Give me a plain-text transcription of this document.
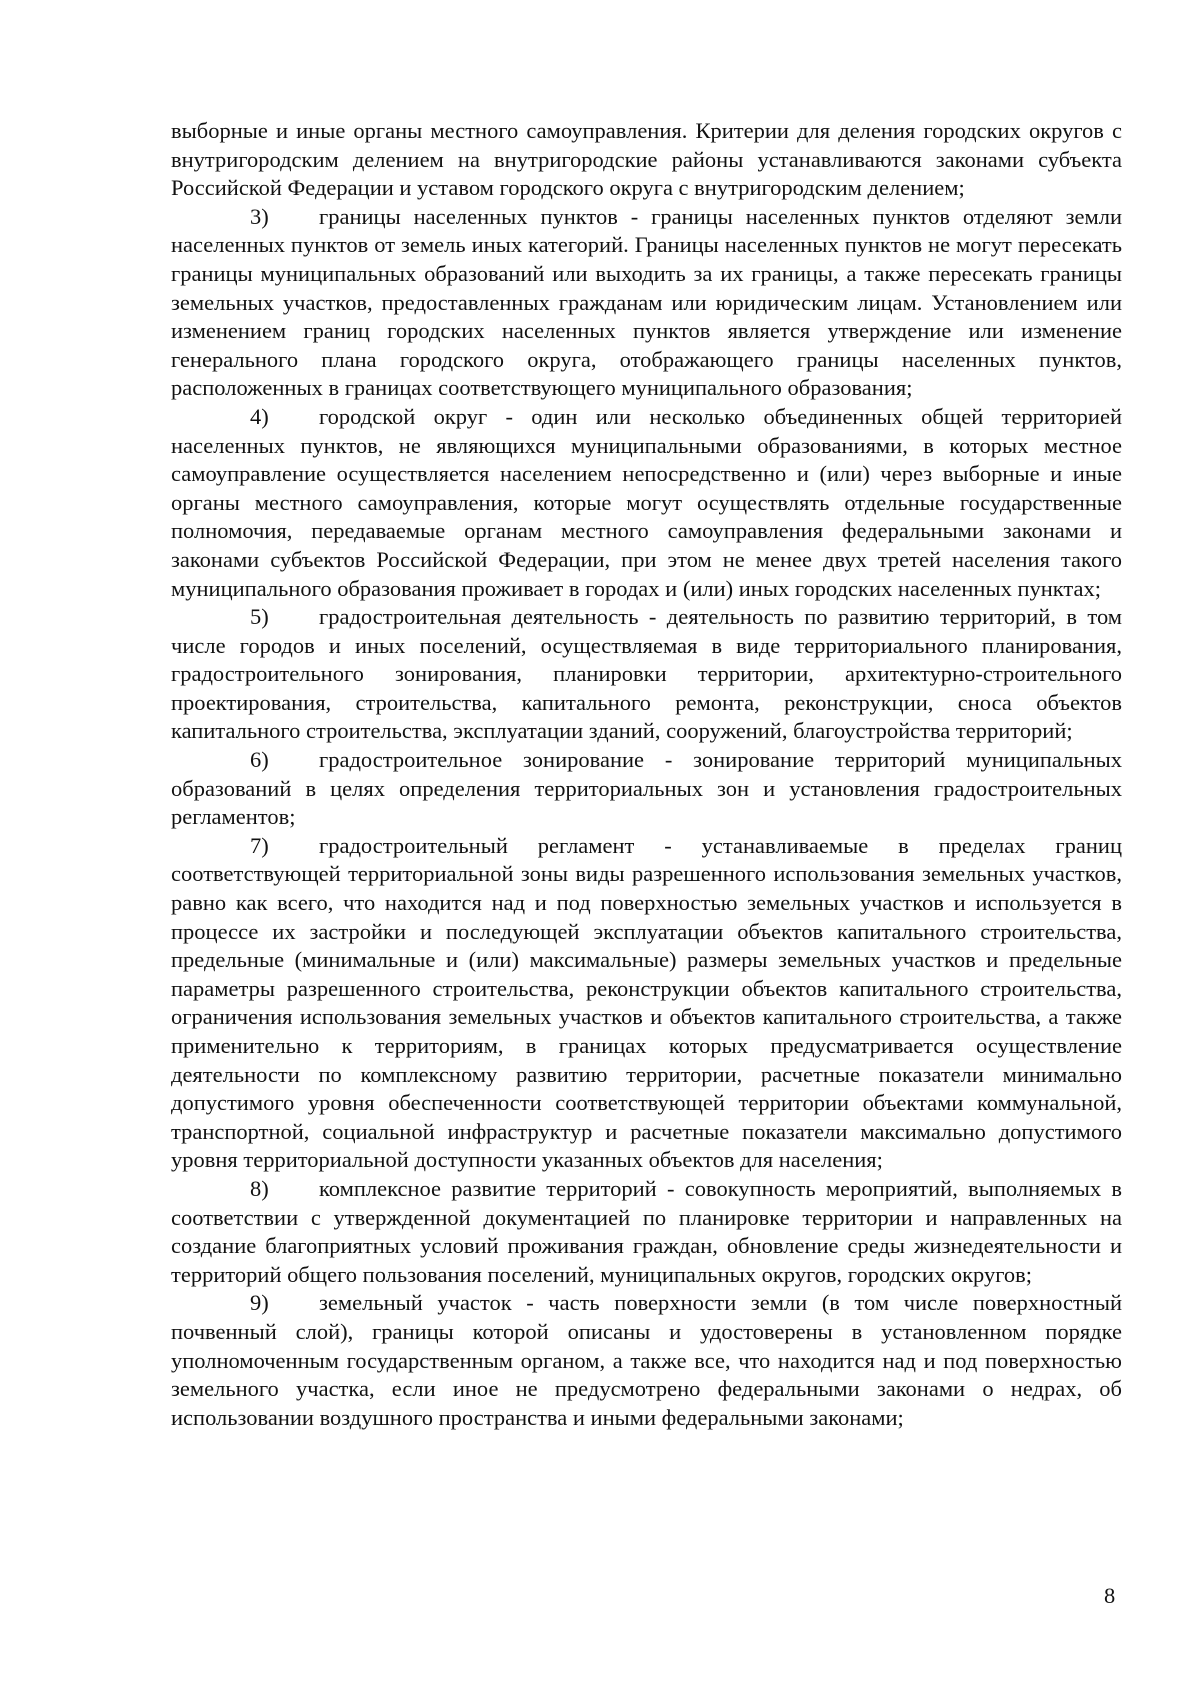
выборные и иные органы местного самоуправления. Критерии для деления городских округов с внутригородским делением на внутригородские районы устанавливаются законами субъекта Российской Федерации и уставом городского округа с внутригородским делением;

3) границы населенных пунктов - границы населенных пунктов отделяют земли населенных пунктов от земель иных категорий. Границы населенных пунктов не могут пересекать границы муниципальных образований или выходить за их границы, а также пересекать границы земельных участков, предоставленных гражданам или юридическим лицам. Установлением или изменением границ городских населенных пунктов является утверждение или изменение генерального плана городского округа, отображающего границы населенных пунктов, расположенных в границах соответствующего муниципального образования;

4) городской округ - один или несколько объединенных общей территорией населенных пунктов, не являющихся муниципальными образованиями, в которых местное самоуправление осуществляется населением непосредственно и (или) через выборные и иные органы местного самоуправления, которые могут осуществлять отдельные государственные полномочия, передаваемые органам местного самоуправления федеральными законами и законами субъектов Российской Федерации, при этом не менее двух третей населения такого муниципального образования проживает в городах и (или) иных городских населенных пунктах;

5) градостроительная деятельность - деятельность по развитию территорий, в том числе городов и иных поселений, осуществляемая в виде территориального планирования, градостроительного зонирования, планировки территории, архитектурно-строительного проектирования, строительства, капитального ремонта, реконструкции, сноса объектов капитального строительства, эксплуатации зданий, сооружений, благоустройства территорий;

6) градостроительное зонирование - зонирование территорий муниципальных образований в целях определения территориальных зон и установления градостроительных регламентов;

7) градостроительный регламент - устанавливаемые в пределах границ соответствующей территориальной зоны виды разрешенного использования земельных участков, равно как всего, что находится над и под поверхностью земельных участков и используется в процессе их застройки и последующей эксплуатации объектов капитального строительства, предельные (минимальные и (или) максимальные) размеры земельных участков и предельные параметры разрешенного строительства, реконструкции объектов капитального строительства, ограничения использования земельных участков и объектов капитального строительства, а также применительно к территориям, в границах которых предусматривается осуществление деятельности по комплексному развитию территории, расчетные показатели минимально допустимого уровня обеспеченности соответствующей территории объектами коммунальной, транспортной, социальной инфраструктур и расчетные показатели максимально допустимого уровня территориальной доступности указанных объектов для населения;

8) комплексное развитие территорий - совокупность мероприятий, выполняемых в соответствии с утвержденной документацией по планировке территории и направленных на создание благоприятных условий проживания граждан, обновление среды жизнедеятельности и территорий общего пользования поселений, муниципальных округов, городских округов;

9) земельный участок - часть поверхности земли (в том числе поверхностный почвенный слой), границы которой описаны и удостоверены в установленном порядке уполномоченным государственным органом, а также все, что находится над и под поверхностью земельного участка, если иное не предусмотрено федеральными законами о недрах, об использовании воздушного пространства и иными федеральными законами;

8
